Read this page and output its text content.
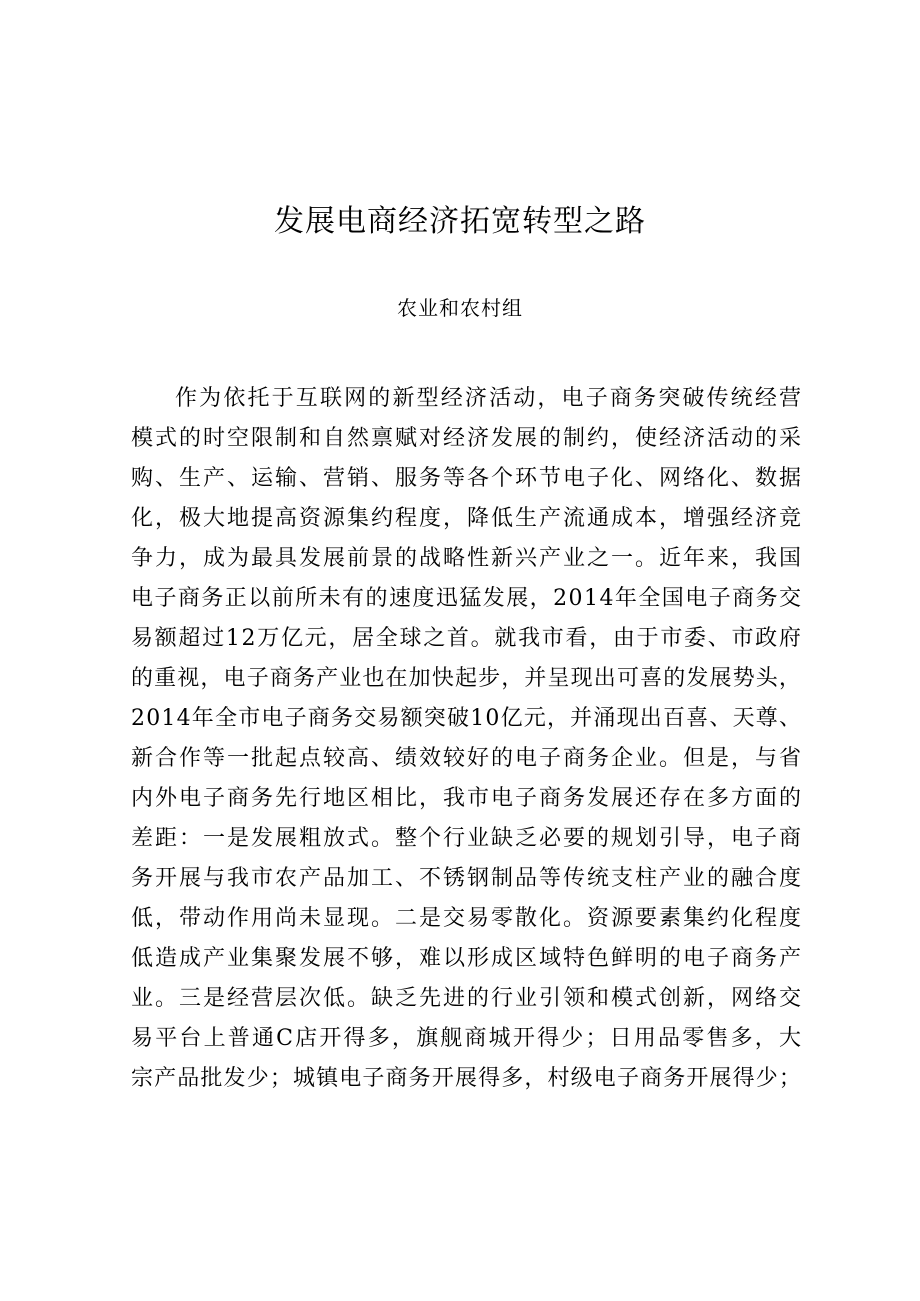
发展电商经济拓宽转型之路

农业和农村组

作为依托于互联网的新型经济活动，电子商务突破传统经营
模式的时空限制和自然禀赋对经济发展的制约，使经济活动的采
购、生产、运输、营销、服务等各个环节电子化、网络化、数据
化，极大地提高资源集约程度，降低生产流通成本，增强经济竞
争力，成为最具发展前景的战略性新兴产业之一。近年来，我国
电子商务正以前所未有的速度迅猛发展，2014年全国电子商务交
易额超过12万亿元，居全球之首。就我市看，由于市委、市政府
的重视，电子商务产业也在加快起步，并呈现出可喜的发展势头，
2014年全市电子商务交易额突破10亿元，并涌现出百喜、天尊、
新合作等一批起点较高、绩效较好的电子商务企业。但是，与省
内外电子商务先行地区相比，我市电子商务发展还存在多方面的
差距：一是发展粗放式。整个行业缺乏必要的规划引导，电子商
务开展与我市农产品加工、不锈钢制品等传统支柱产业的融合度
低，带动作用尚未显现。二是交易零散化。资源要素集约化程度
低造成产业集聚发展不够，难以形成区域特色鲜明的电子商务产
业。三是经营层次低。缺乏先进的行业引领和模式创新，网络交
易平台上普通C店开得多，旗舰商城开得少；日用品零售多，大
宗产品批发少；城镇电子商务开展得多，村级电子商务开展得少；
